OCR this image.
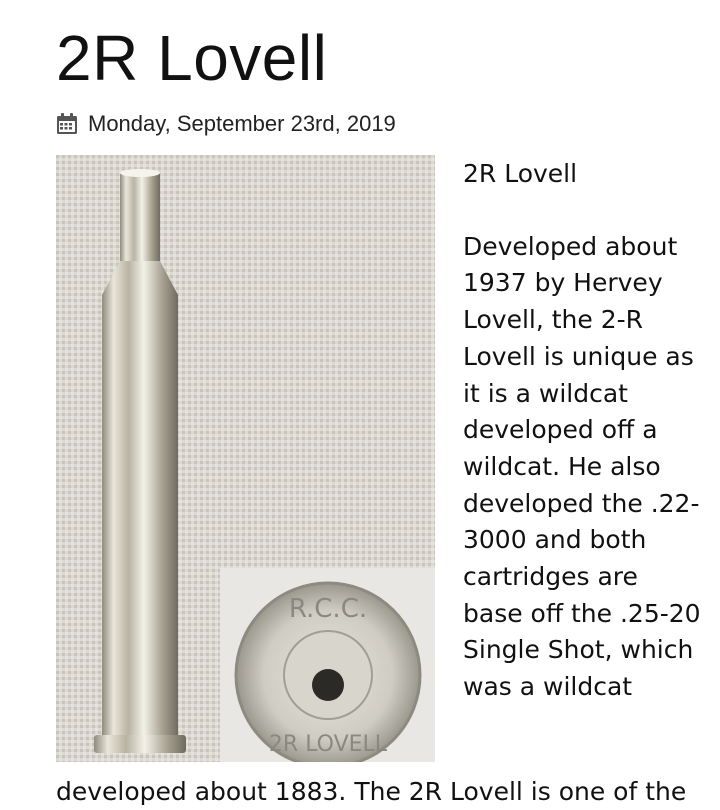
2R Lovell
Monday, September 23rd, 2019
R.C.C.
2R LOVELL

2R Lovell

Developed about 1937 by Hervey Lovell, the 2-R Lovell is unique as it is a wildcat developed off a wildcat. He also developed the .22-3000 and both cartridges are base off the .25-20 Single Shot, which was a wildcat

developed about 1883. The 2R Lovell is one of the
